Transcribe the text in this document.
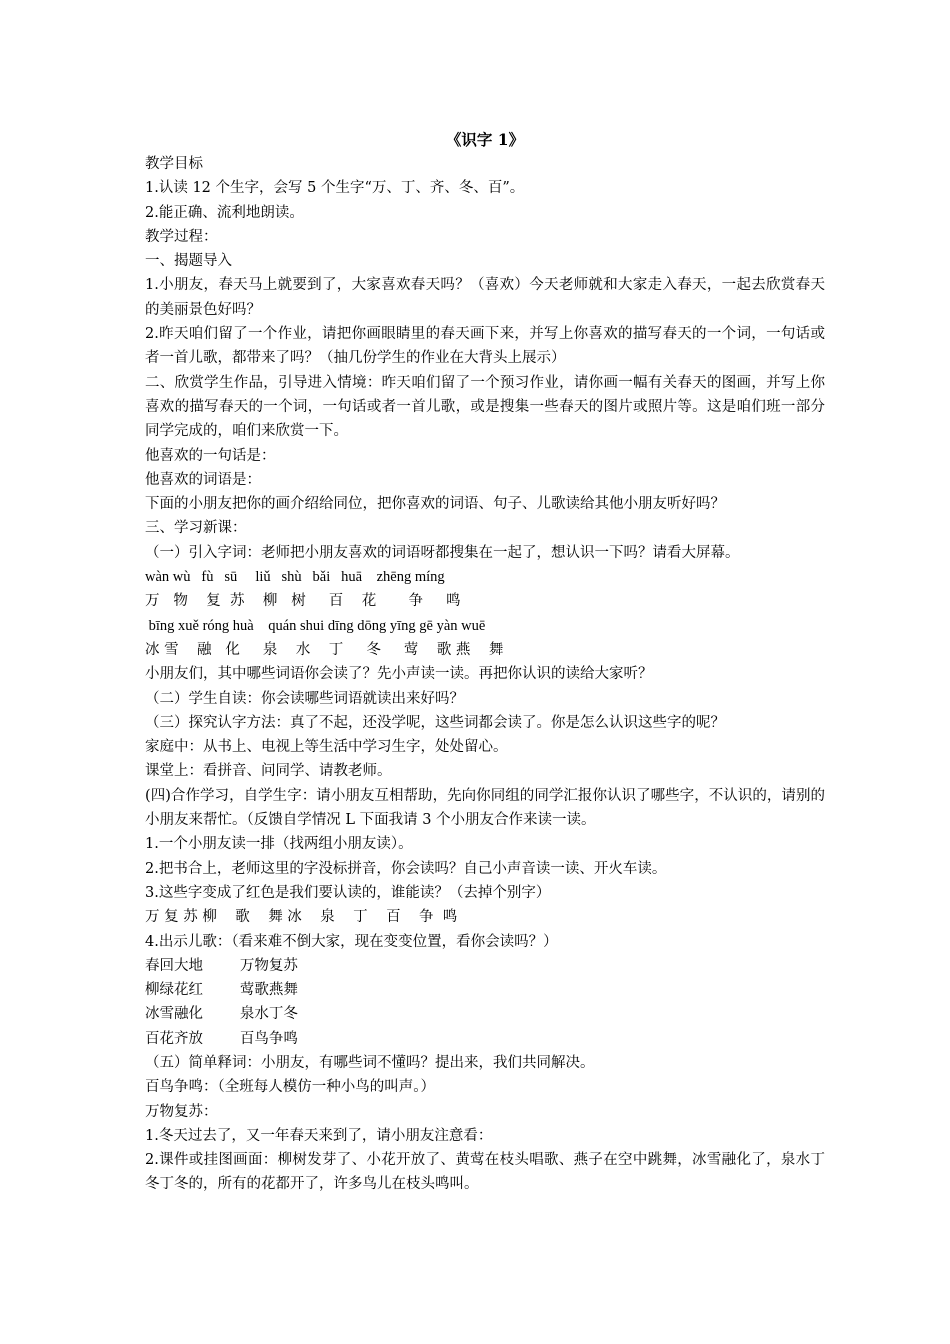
《识字 1》
教学目标
1.认读 12 个生字，会写 5 个生字“万、丁、齐、冬、百”。
2.能正确、流利地朗读。
教学过程：
一、揭题导入
1.小朋友，春天马上就要到了，大家喜欢春天吗？（喜欢）今天老师就和大家走入春天，一起去欣赏春天的美丽景色好吗？
2.昨天咱们留了一个作业，请把你画眼睛里的春天画下来，并写上你喜欢的描写春天的一个词，一句话或者一首儿歌，都带来了吗？（抽几份学生的作业在大背头上展示）
二、欣赏学生作品，引导进入情境：昨天咱们留了一个预习作业，请你画一幅有关春天的图画，并写上你喜欢的描写春天的一个词，一句话或者一首儿歌，或是搜集一些春天的图片或照片等。这是咱们班一部分同学完成的，咱们来欣赏一下。
他喜欢的一句话是：
他喜欢的词语是：
下面的小朋友把你的画介绍给同位，把你喜欢的词语、句子、儿歌读给其他小朋友听好吗？
三、学习新课：
（一）引入字词：老师把小朋友喜欢的词语呀都搜集在一起了，想认识一下吗？请看大屏幕。
wàn wù   fù   sū     liǔ   shù   bǎi   huā    zhēng míng
万   物    复  苏    柳   树     百    花       争     鸣
bīng xuě róng huà    quán shui dīng dōng yīng gē yàn wuē
冰 雪    融   化     泉    水    丁     冬     莺    歌 燕    舞
小朋友们，其中哪些词语你会读了？先小声读一读。再把你认识的读给大家听？
（二）学生自读：你会读哪些词语就读出来好吗？
（三）探究认字方法：真了不起，还没学呢，这些词都会读了。你是怎么认识这些字的呢？
家庭中：从书上、电视上等生活中学习生字，处处留心。
课堂上：看拼音、问同学、请教老师。
(四)合作学习，自学生字：请小朋友互相帮助，先向你同组的同学汇报你认识了哪些字，不认识的，请别的小朋友来帮忙。（反馈自学情况 L 下面我请 3 个小朋友合作来读一读。
1.一个小朋友读一排（找两组小朋友读）。
2.把书合上，老师这里的字没标拼音，你会读吗？自己小声音读一读、开火车读。
3.这些字变成了红色是我们要认读的，谁能读？（去掉个别字）
万 复 苏 柳    歌    舞 冰    泉    丁    百    争  鸣
4.出示儿歌：（看来难不倒大家，现在变变位置，看你会读吗？）
春回大地        万物复苏
柳绿花红        莺歌燕舞
冰雪融化        泉水丁冬
百花齐放        百鸟争鸣
（五）简单释词：小朋友，有哪些词不懂吗？提出来，我们共同解决。
百鸟争鸣：（全班每人模仿一种小鸟的叫声。）
万物复苏：
1.冬天过去了，又一年春天来到了，请小朋友注意看：
2.课件或挂图画面：柳树发芽了、小花开放了、黄莺在枝头唱歌、燕子在空中跳舞，冰雪融化了，泉水丁冬丁冬的，所有的花都开了，许多鸟儿在枝头鸣叫。
